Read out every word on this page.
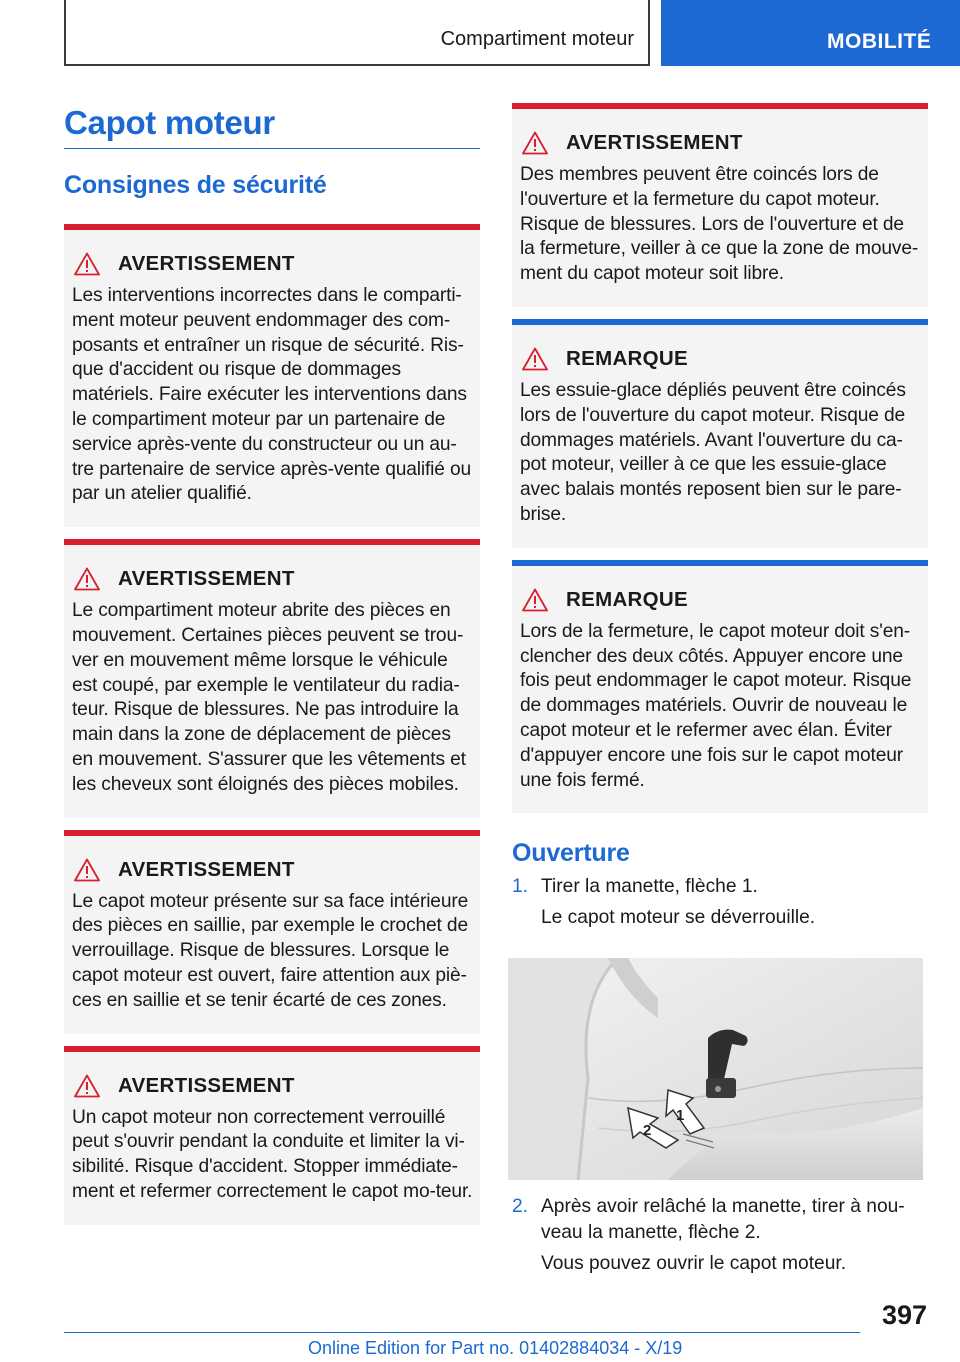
Compartiment moteur	MOBILITÉ
Capot moteur
Consignes de sécurité
AVERTISSEMENT

Les interventions incorrectes dans le comparti-ment moteur peuvent endommager des com-posants et entraîner un risque de sécurité. Ris-que d'accident ou risque de dommages matériels. Faire exécuter les interventions dans le compartiment moteur par un partenaire de service après-vente du constructeur ou un au-tre partenaire de service après-vente qualifié ou par un atelier qualifié.

AVERTISSEMENT

Le compartiment moteur abrite des pièces en mouvement. Certaines pièces peuvent se trou-ver en mouvement même lorsque le véhicule est coupé, par exemple le ventilateur du radia-teur. Risque de blessures. Ne pas introduire la main dans la zone de déplacement de pièces en mouvement. S'assurer que les vêtements et les cheveux sont éloignés des pièces mobiles.

AVERTISSEMENT

Le capot moteur présente sur sa face intérieure des pièces en saillie, par exemple le crochet de verrouillage. Risque de blessures. Lorsque le capot moteur est ouvert, faire attention aux piè-ces en saillie et se tenir écarté de ces zones.

AVERTISSEMENT

Un capot moteur non correctement verrouillé peut s'ouvrir pendant la conduite et limiter la vi-sibilité. Risque d'accident. Stopper immédiate-ment et refermer correctement le capot mo-teur.

AVERTISSEMENT

Des membres peuvent être coincés lors de l'ouverture et la fermeture du capot moteur. Risque de blessures. Lors de l'ouverture et de la fermeture, veiller à ce que la zone de mouve-ment du capot moteur soit libre.

REMARQUE

Les essuie-glace dépliés peuvent être coincés lors de l'ouverture du capot moteur. Risque de dommages matériels. Avant l'ouverture du ca-pot moteur, veiller à ce que les essuie-glace avec balais montés reposent bien sur le pare-brise.

REMARQUE

Lors de la fermeture, le capot moteur doit s'en-clencher des deux côtés. Appuyer encore une fois peut endommager le capot moteur. Risque de dommages matériels. Ouvrir de nouveau le capot moteur et le refermer avec élan. Éviter d'appuyer encore une fois sur le capot moteur une fois fermé.

Ouverture
1. Tirer la manette, flèche 1.

Le capot moteur se déverrouille.

1
2
2. Après avoir relâché la manette, tirer à nou-veau la manette, flèche 2.

Vous pouvez ouvrir le capot moteur.

397
Online Edition for Part no. 01402884034 - X/19
